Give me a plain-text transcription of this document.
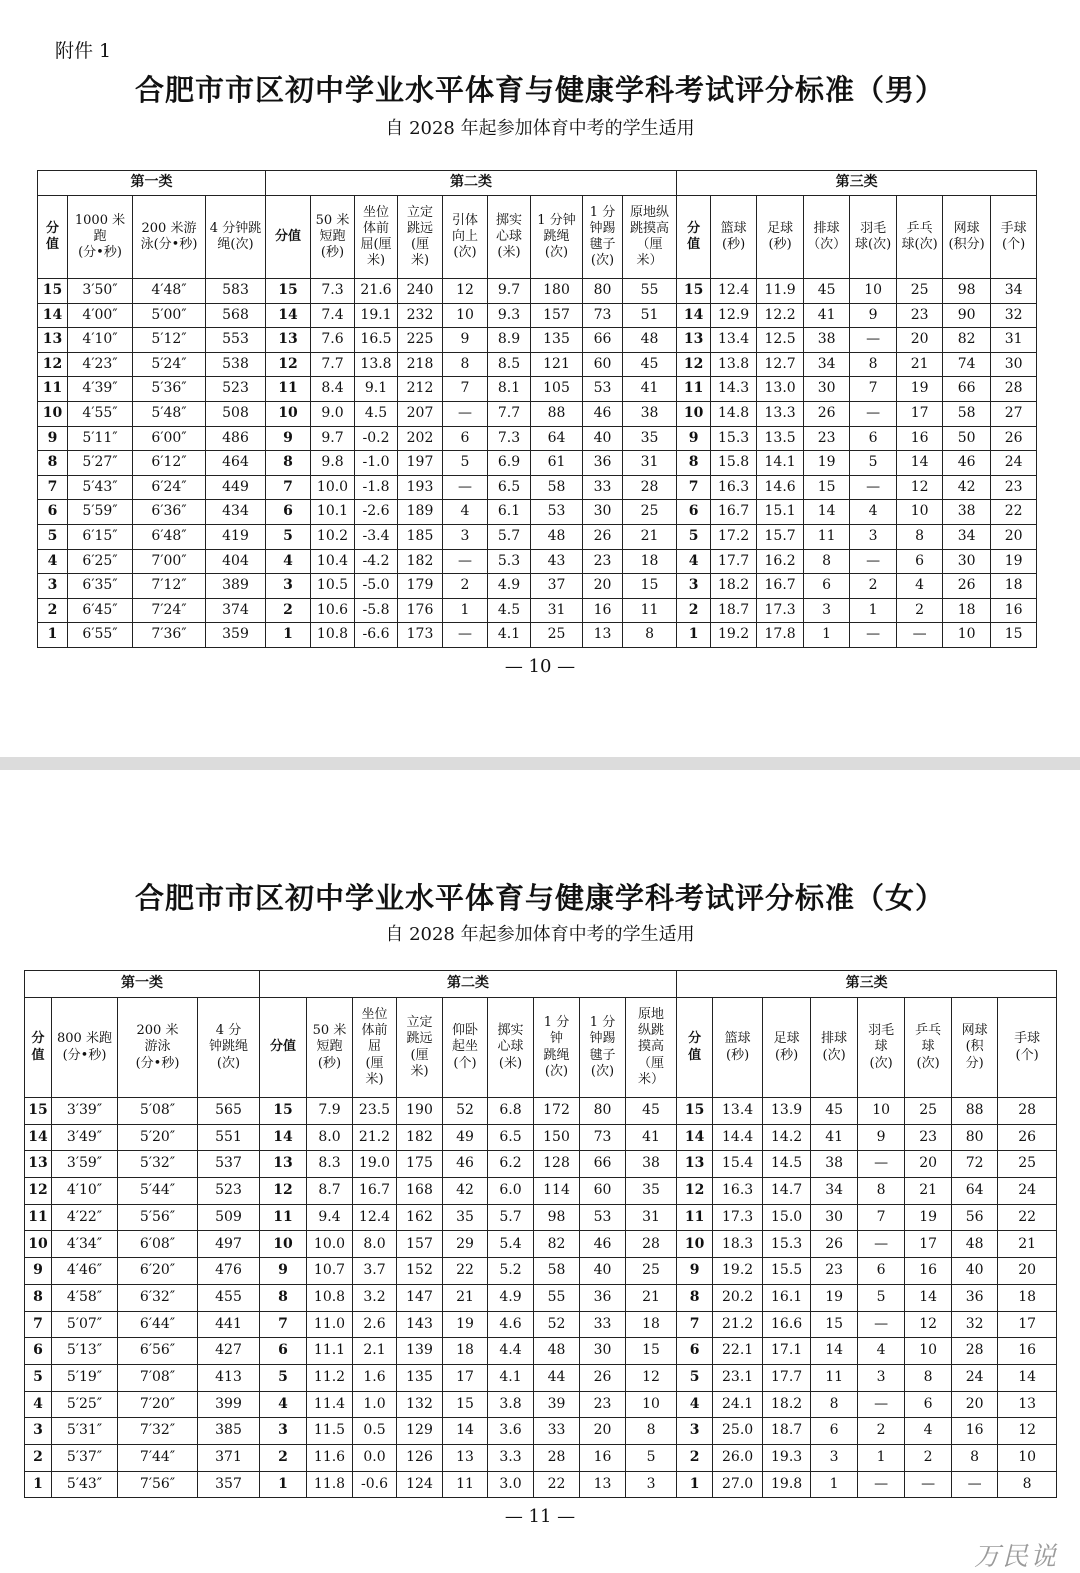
附件 1
合肥市市区初中学业水平体育与健康学科考试评分标准（男）
自 2028 年起参加体育中考的学生适用
第一类				第二类									第三类							
分
值	1000 米
跑
(分•秒)	200 米游
泳(分•秒)	4 分钟跳
绳(次)	分值	50 米
短跑
(秒)	坐位
体前
屈(厘
米)	立定
跳远
(厘
米)	引体
向上
(次)	掷实
心球
(米)	1 分钟
跳绳
(次)	1 分
钟踢
毽子
(次)	原地纵
跳摸高
（厘
米）	分
值	篮球
(秒)	足球
(秒)	排球
（次）	羽毛
球(次)	乒乓
球(次)	网球
(积分)	手球
(个)
15	3′50″	4′48″	583	15	7.3	21.6	240	12	9.7	180	80	55	15	12.4	11.9	45	10	25	98	34
14	4′00″	5′00″	568	14	7.4	19.1	232	10	9.3	157	73	51	14	12.9	12.2	41	9	23	90	32
13	4′10″	5′12″	553	13	7.6	16.5	225	9	8.9	135	66	48	13	13.4	12.5	38	—	20	82	31
12	4′23″	5′24″	538	12	7.7	13.8	218	8	8.5	121	60	45	12	13.8	12.7	34	8	21	74	30
11	4′39″	5′36″	523	11	8.4	9.1	212	7	8.1	105	53	41	11	14.3	13.0	30	7	19	66	28
10	4′55″	5′48″	508	10	9.0	4.5	207	—	7.7	88	46	38	10	14.8	13.3	26	—	17	58	27
9	5′11″	6′00″	486	9	9.7	-0.2	202	6	7.3	64	40	35	9	15.3	13.5	23	6	16	50	26
8	5′27″	6′12″	464	8	9.8	-1.0	197	5	6.9	61	36	31	8	15.8	14.1	19	5	14	46	24
7	5′43″	6′24″	449	7	10.0	-1.8	193	—	6.5	58	33	28	7	16.3	14.6	15	—	12	42	23
6	5′59″	6′36″	434	6	10.1	-2.6	189	4	6.1	53	30	25	6	16.7	15.1	14	4	10	38	22
5	6′15″	6′48″	419	5	10.2	-3.4	185	3	5.7	48	26	21	5	17.2	15.7	11	3	8	34	20
4	6′25″	7′00″	404	4	10.4	-4.2	182	—	5.3	43	23	18	4	17.7	16.2	8	—	6	30	19
3	6′35″	7′12″	389	3	10.5	-5.0	179	2	4.9	37	20	15	3	18.2	16.7	6	2	4	26	18
2	6′45″	7′24″	374	2	10.6	-5.8	176	1	4.5	31	16	11	2	18.7	17.3	3	1	2	18	16
1	6′55″	7′36″	359	1	10.8	-6.6	173	—	4.1	25	13	8	1	19.2	17.8	1	—	—	10	15
— 10 —
合肥市市区初中学业水平体育与健康学科考试评分标准（女）
自 2028 年起参加体育中考的学生适用
第一类				第二类									第三类							
分
值	800 米跑
(分•秒)	200 米
游泳
(分•秒)	4 分
钟跳绳
(次)	分值	50 米
短跑
(秒)	坐位
体前
屈
(厘
米)	立定
跳远
(厘
米)	仰卧
起坐
(个)	掷实
心球
(米)	1 分
钟
跳绳
(次)	1 分
钟踢
毽子
(次)	原地
纵跳
摸高
（厘
米）	分
值	篮球
(秒)	足球
(秒)	排球
(次)	羽毛
球
(次)	乒乓
球
(次)	网球
(积
分)	手球
(个)
15	3′39″	5′08″	565	15	7.9	23.5	190	52	6.8	172	80	45	15	13.4	13.9	45	10	25	88	28
14	3′49″	5′20″	551	14	8.0	21.2	182	49	6.5	150	73	41	14	14.4	14.2	41	9	23	80	26
13	3′59″	5′32″	537	13	8.3	19.0	175	46	6.2	128	66	38	13	15.4	14.5	38	—	20	72	25
12	4′10″	5′44″	523	12	8.7	16.7	168	42	6.0	114	60	35	12	16.3	14.7	34	8	21	64	24
11	4′22″	5′56″	509	11	9.4	12.4	162	35	5.7	98	53	31	11	17.3	15.0	30	7	19	56	22
10	4′34″	6′08″	497	10	10.0	8.0	157	29	5.4	82	46	28	10	18.3	15.3	26	—	17	48	21
9	4′46″	6′20″	476	9	10.7	3.7	152	22	5.2	58	40	25	9	19.2	15.5	23	6	16	40	20
8	4′58″	6′32″	455	8	10.8	3.2	147	21	4.9	55	36	21	8	20.2	16.1	19	5	14	36	18
7	5′07″	6′44″	441	7	11.0	2.6	143	19	4.6	52	33	18	7	21.2	16.6	15	—	12	32	17
6	5′13″	6′56″	427	6	11.1	2.1	139	18	4.4	48	30	15	6	22.1	17.1	14	4	10	28	16
5	5′19″	7′08″	413	5	11.2	1.6	135	17	4.1	44	26	12	5	23.1	17.7	11	3	8	24	14
4	5′25″	7′20″	399	4	11.4	1.0	132	15	3.8	39	23	10	4	24.1	18.2	8	—	6	20	13
3	5′31″	7′32″	385	3	11.5	0.5	129	14	3.6	33	20	8	3	25.0	18.7	6	2	4	16	12
2	5′37″	7′44″	371	2	11.6	0.0	126	13	3.3	28	16	5	2	26.0	19.3	3	1	2	8	10
1	5′43″	7′56″	357	1	11.8	-0.6	124	11	3.0	22	13	3	1	27.0	19.8	1	—	—	—	8
— 11 —
万民说
